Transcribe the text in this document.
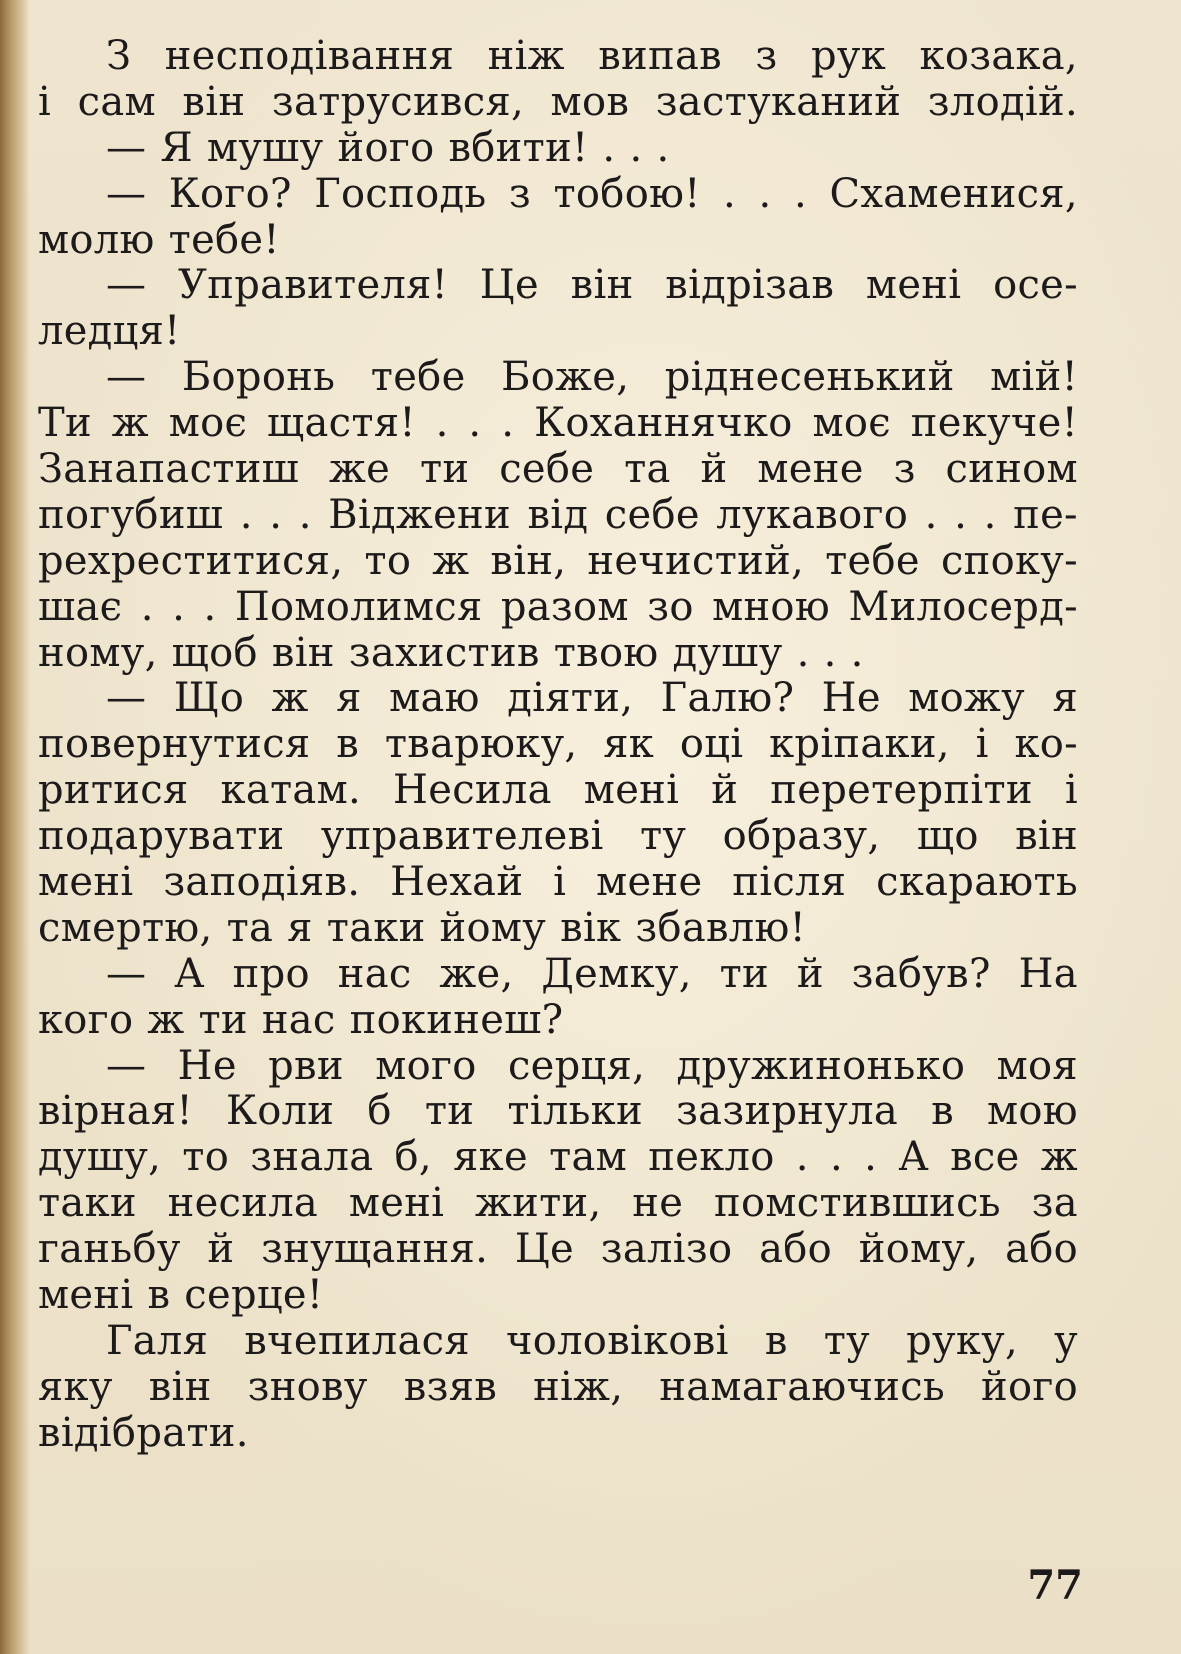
З несподівання ніж випав з рук козака,
і сам він затрусився, мов застуканий злодій.
— Я мушу його вбити! . . .
— Кого? Господь з тобою! . . . Схаменися,
молю тебе!
— Управителя! Це він відрізав мені осе-
ледця!
— Боронь тебе Боже, ріднесенький мій!
Ти ж моє щастя! . . . Коханнячко моє пекуче!
Занапастиш же ти себе та й мене з сином
погубиш . . . Віджени від себе лукавого . . . пе-
рехреститися, то ж він, нечистий, тебе споку-
шає . . . Помолимся разом зо мною Милосерд-
ному, щоб він захистив твою душу . . .
— Що ж я маю діяти, Галю? Не можу я
повернутися в тварюку, як оці кріпаки, і ко-
ритися катам. Несила мені й перетерпіти і
подарувати управителеві ту образу, що він
мені заподіяв. Нехай і мене після скарають
смертю, та я таки йому вік збавлю!
— А про нас же, Демку, ти й забув? На
кого ж ти нас покинеш?
— Не рви мого серця, дружинонько моя
вірная! Коли б ти тільки зазирнула в мою
душу, то знала б, яке там пекло . . . А все ж
таки несила мені жити, не помстившись за
ганьбу й знущання. Це залізо або йому, або
мені в серце!
Галя вчепилася чоловікові в ту руку, у
яку він знову взяв ніж, намагаючись його
відібрати.
77
